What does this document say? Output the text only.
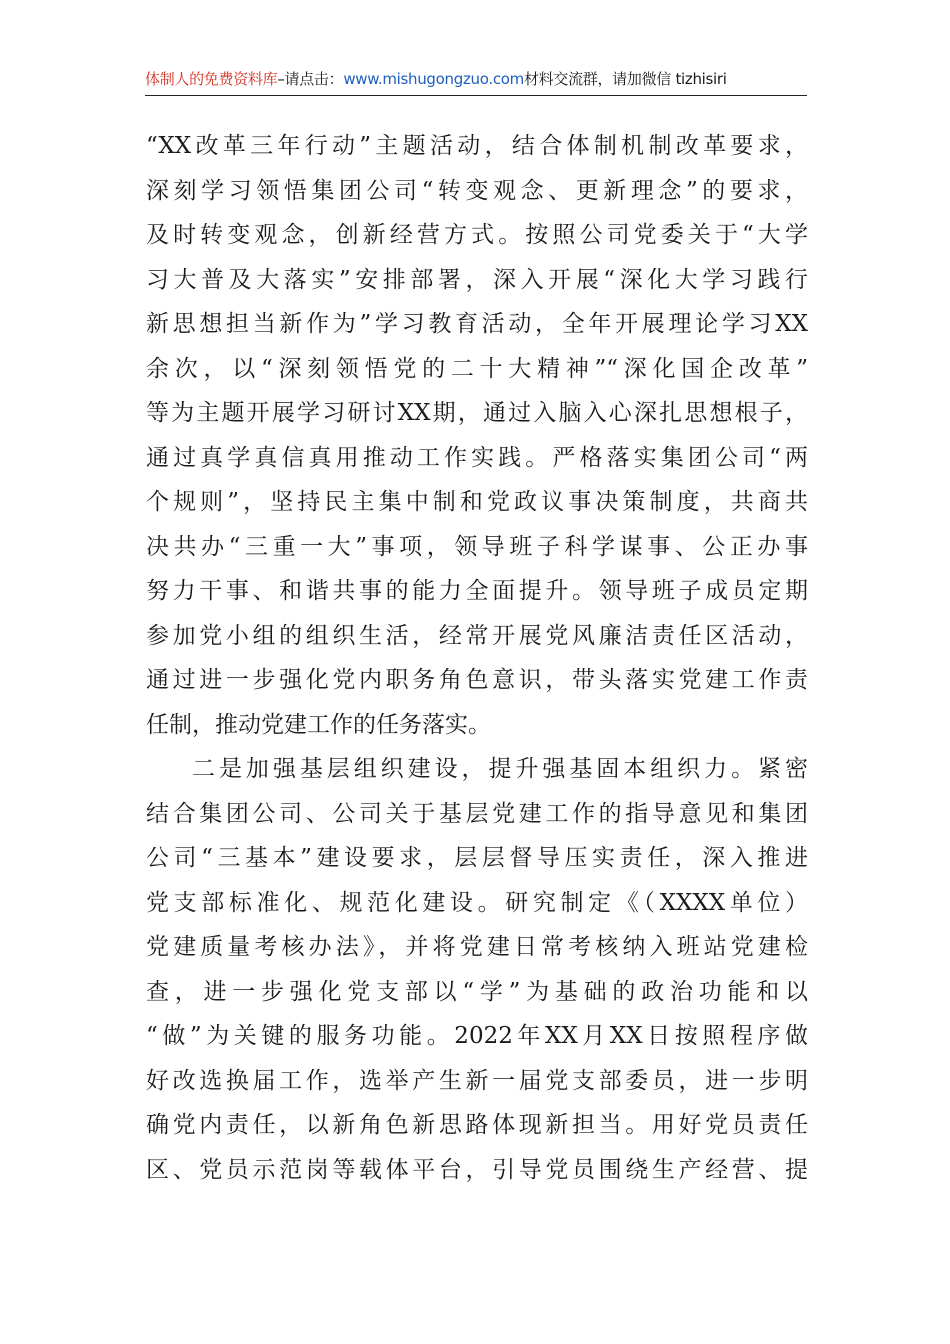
体制人的免费资料库–请点击：www.mishugongzuo.com材料交流群，请加微信 tizhisiri
“XX改革三年行动”主题活动，结合体制机制改革要求，
深刻学习领悟集团公司“转变观念、更新理念”的要求，
及时转变观念，创新经营方式。按照公司党委关于“大学
习大普及大落实”安排部署，深入开展“深化大学习践行
新思想担当新作为”学习教育活动，全年开展理论学习XX
余次，以“深刻领悟党的二十大精神”“深化国企改革”
等为主题开展学习研讨XX期，通过入脑入心深扎思想根子，
通过真学真信真用推动工作实践。严格落实集团公司“两
个规则”，坚持民主集中制和党政议事决策制度，共商共
决共办“三重一大”事项，领导班子科学谋事、公正办事
努力干事、和谐共事的能力全面提升。领导班子成员定期
参加党小组的组织生活，经常开展党风廉洁责任区活动，
通过进一步强化党内职务角色意识，带头落实党建工作责
任制，推动党建工作的任务落实。
二是加强基层组织建设，提升强基固本组织力。紧密
结合集团公司、公司关于基层党建工作的指导意见和集团
公司“三基本”建设要求，层层督导压实责任，深入推进
党支部标准化、规范化建设。研究制定《（XXXX单位）
党建质量考核办法》，并将党建日常考核纳入班站党建检
查，进一步强化党支部以“学”为基础的政治功能和以
“做”为关键的服务功能。2022年XX月XX日按照程序做
好改选换届工作，选举产生新一届党支部委员，进一步明
确党内责任，以新角色新思路体现新担当。用好党员责任
区、党员示范岗等载体平台，引导党员围绕生产经营、提
